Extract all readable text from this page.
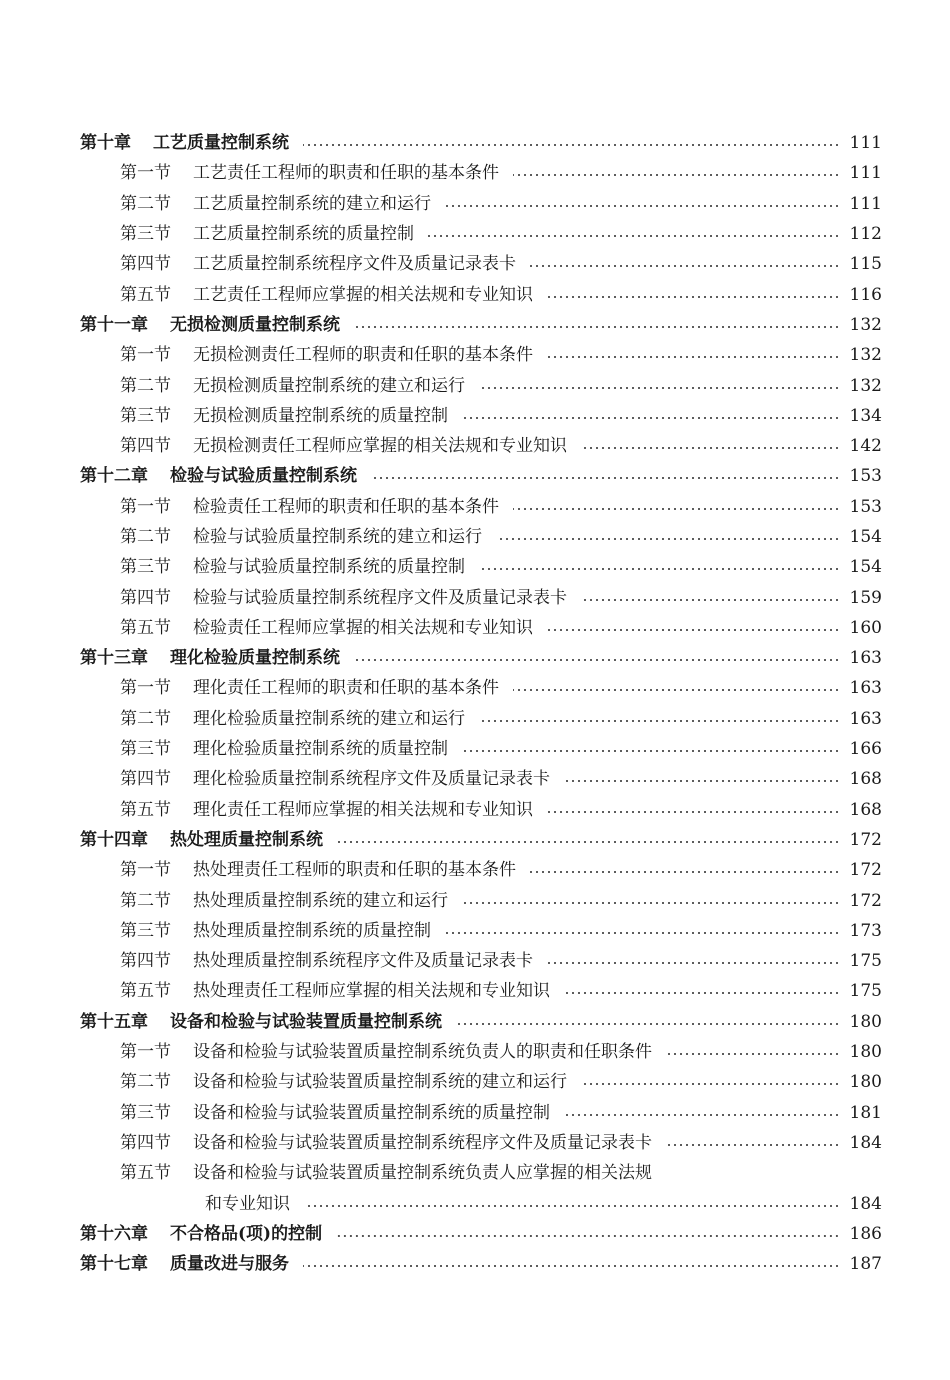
第十章 工艺质量控制系统	111
第一节 工艺责任工程师的职责和任职的基本条件	111
第二节 工艺质量控制系统的建立和运行	111
第三节 工艺质量控制系统的质量控制	112
第四节 工艺质量控制系统程序文件及质量记录表卡	115
第五节 工艺责任工程师应掌握的相关法规和专业知识	116
第十一章 无损检测质量控制系统	132
第一节 无损检测责任工程师的职责和任职的基本条件	132
第二节 无损检测质量控制系统的建立和运行	132
第三节 无损检测质量控制系统的质量控制	134
第四节 无损检测责任工程师应掌握的相关法规和专业知识	142
第十二章 检验与试验质量控制系统	153
第一节 检验责任工程师的职责和任职的基本条件	153
第二节 检验与试验质量控制系统的建立和运行	154
第三节 检验与试验质量控制系统的质量控制	154
第四节 检验与试验质量控制系统程序文件及质量记录表卡	159
第五节 检验责任工程师应掌握的相关法规和专业知识	160
第十三章 理化检验质量控制系统	163
第一节 理化责任工程师的职责和任职的基本条件	163
第二节 理化检验质量控制系统的建立和运行	163
第三节 理化检验质量控制系统的质量控制	166
第四节 理化检验质量控制系统程序文件及质量记录表卡	168
第五节 理化责任工程师应掌握的相关法规和专业知识	168
第十四章 热处理质量控制系统	172
第一节 热处理责任工程师的职责和任职的基本条件	172
第二节 热处理质量控制系统的建立和运行	172
第三节 热处理质量控制系统的质量控制	173
第四节 热处理质量控制系统程序文件及质量记录表卡	175
第五节 热处理责任工程师应掌握的相关法规和专业知识	175
第十五章 设备和检验与试验装置质量控制系统	180
第一节 设备和检验与试验装置质量控制系统负责人的职责和任职条件	180
第二节 设备和检验与试验装置质量控制系统的建立和运行	180
第三节 设备和检验与试验装置质量控制系统的质量控制	181
第四节 设备和检验与试验装置质量控制系统程序文件及质量记录表卡	184
第五节 设备和检验与试验装置质量控制系统负责人应掌握的相关法规
和专业知识	184
第十六章 不合格品(项)的控制	186
第十七章 质量改进与服务	187
